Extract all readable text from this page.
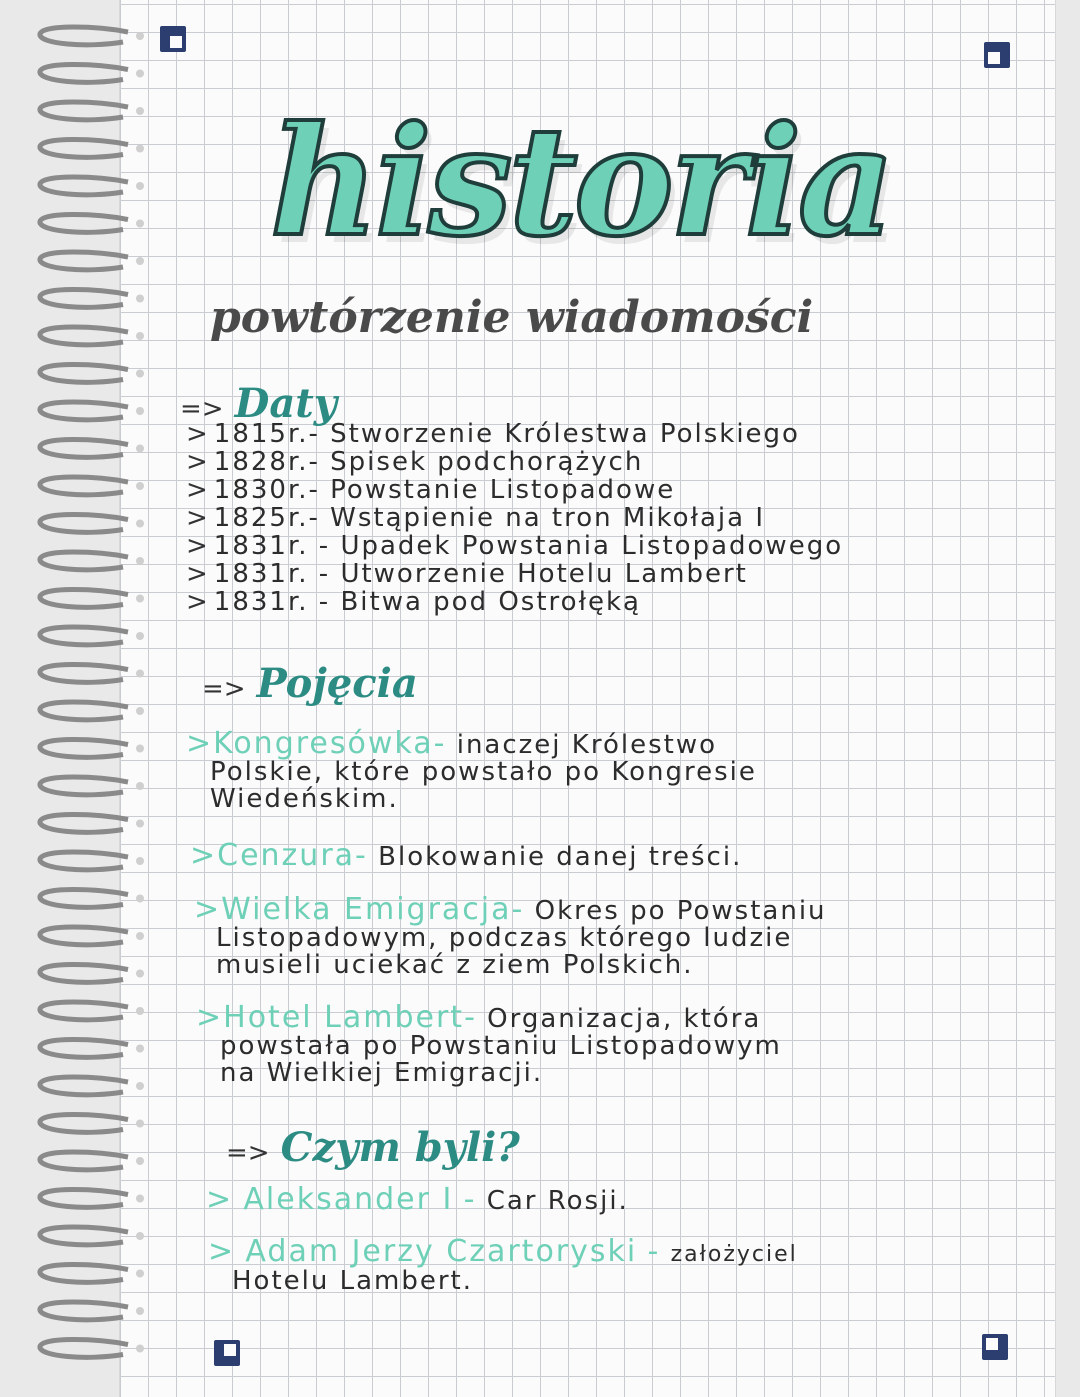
historia
powtórzenie wiadomości
=> Daty
> 1815r.- Stworzenie Królestwa Polskiego
> 1828r.- Spisek podchorążych
> 1830r.- Powstanie Listopadowe
> 1825r.- Wstąpienie na tron Mikołaja I
> 1831r. - Upadek Powstania Listopadowego
> 1831r. - Utworzenie Hotelu Lambert
> 1831r. - Bitwa pod Ostrołęką
=> Pojęcia

>Kongresówka- inaczej Królestwo

Polskie, które powstało po Kongresie

Wiedeńskim.

>Cenzura- Blokowanie danej treści.

>Wielka Emigracja- Okres po Powstaniu

Listopadowym, podczas którego ludzie

musieli uciekać z ziem Polskich.

>Hotel Lambert- Organizacja, która

powstała po Powstaniu Listopadowym

na Wielkiej Emigracji.

=> Czym byli?

> Aleksander I - Car Rosji.

> Adam Jerzy Czartoryski - założyciel

Hotelu Lambert.
